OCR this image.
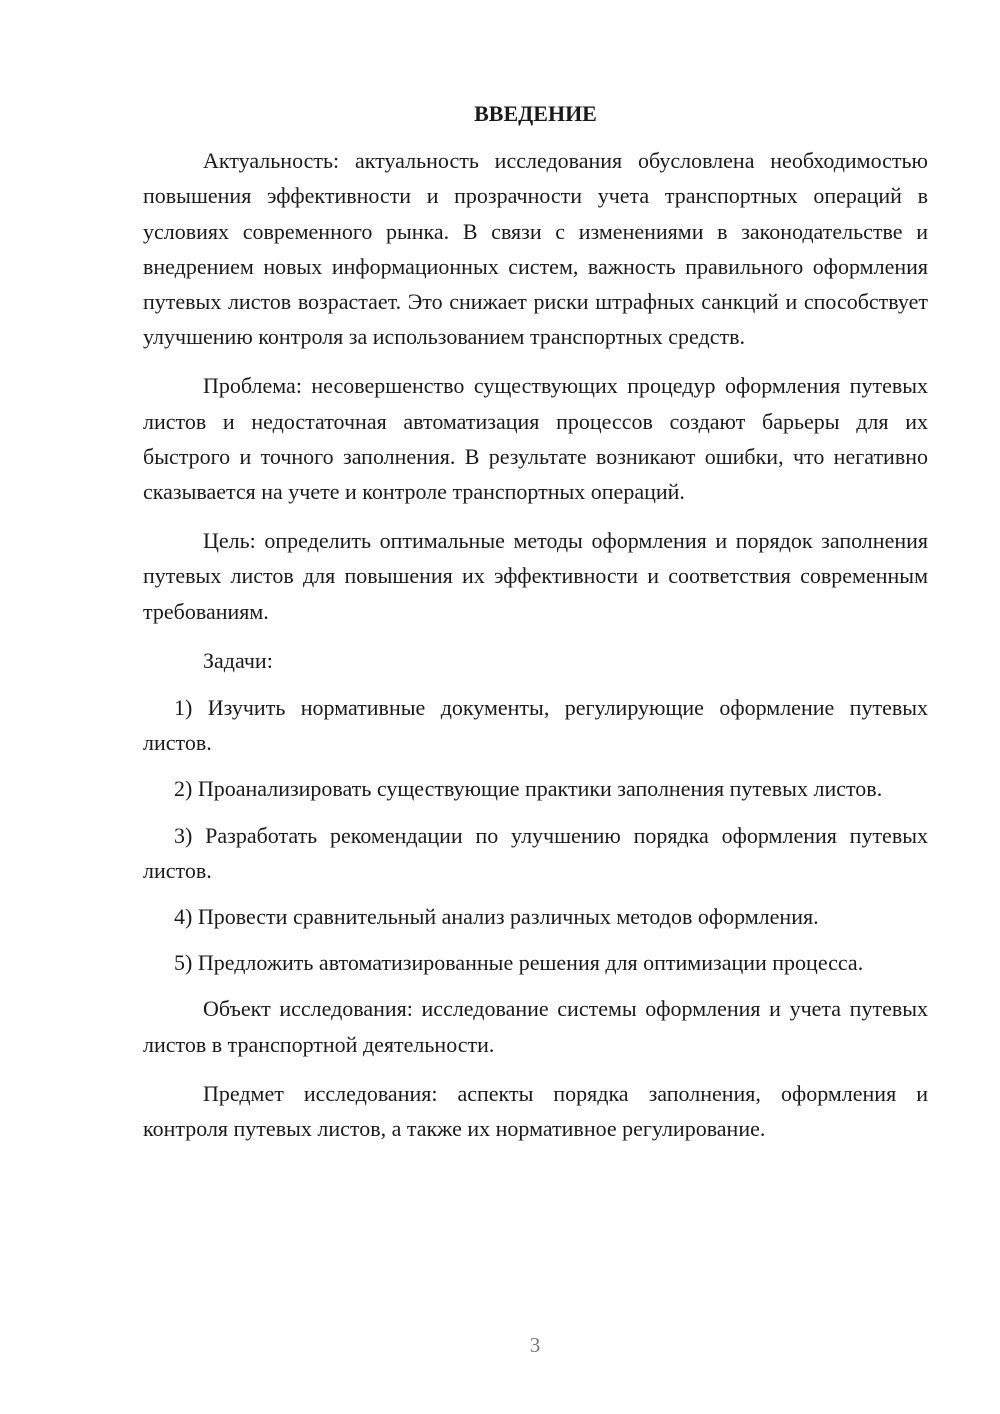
ВВЕДЕНИЕ

Актуальность: актуальность исследования обусловлена необходимостью повышения эффективности и прозрачности учета транспортных операций в условиях современного рынка. В связи с изменениями в законодательстве и внедрением новых информационных систем, важность правильного оформления путевых листов возрастает. Это снижает риски штрафных санкций и способствует улучшению контроля за использованием транспортных средств.

Проблема: несовершенство существующих процедур оформления путевых листов и недостаточная автоматизация процессов создают барьеры для их быстрого и точного заполнения. В результате возникают ошибки, что негативно сказывается на учете и контроле транспортных операций.

Цель: определить оптимальные методы оформления и порядок заполнения путевых листов для повышения их эффективности и соответствия современным требованиям.

Задачи:

1) Изучить нормативные документы, регулирующие оформление путевых листов.

2) Проанализировать существующие практики заполнения путевых листов.

3) Разработать рекомендации по улучшению порядка оформления путевых листов.

4) Провести сравнительный анализ различных методов оформления.

5) Предложить автоматизированные решения для оптимизации процесса.

Объект исследования: исследование системы оформления и учета путевых листов в транспортной деятельности.

Предмет исследования: аспекты порядка заполнения, оформления и контроля путевых листов, а также их нормативное регулирование.

3
